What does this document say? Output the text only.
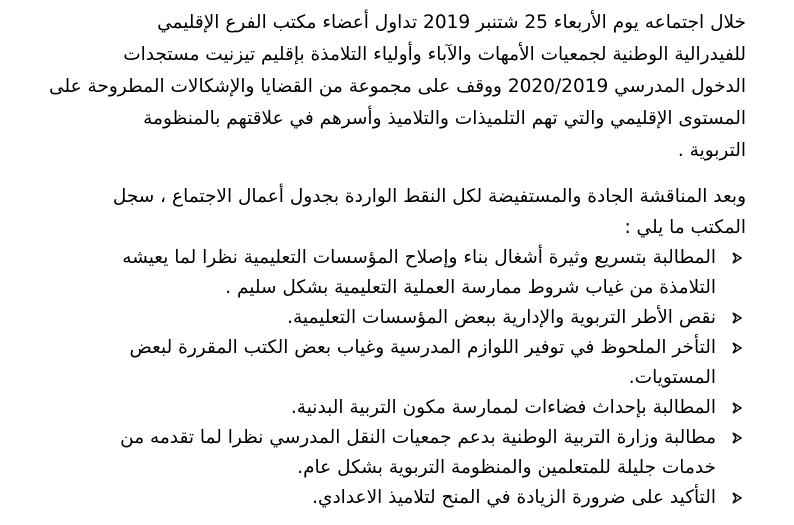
خلال اجتماعه يوم الأربعاء 25 شتنبر 2019 تداول أعضاء مكتب الفرع الإقليمي
للفيدرالية الوطنية لجمعيات الأمهات والآباء وأولياء التلامذة بإقليم تيزنيت مستجدات
الدخول المدرسي 2020/2019 ووقف على مجموعة من القضايا والإشكالات المطروحة على
المستوى الإقليمي والتي تهم التلميذات والتلاميذ وأسرهم في علاقتهم بالمنظومة
التربوية .
وبعد المناقشة الجادة والمستفيضة لكل النقط الواردة بجدول أعمال الاجتماع ، سجل
المكتب ما يلي :
المطالبة بتسريع وثيرة أشغال بناء وإصلاح المؤسسات التعليمية نظرا لما يعيشه
التلامذة من غياب شروط ممارسة العملية التعليمية بشكل سليم .
نقص الأطر التربوية والإدارية ببعض المؤسسات التعليمية.
التأخر الملحوظ في توفير اللوازم المدرسية وغياب بعض الكتب المقررة لبعض
المستويات.
المطالبة بإحداث فضاءات لممارسة مكون التربية البدنية.
مطالبة وزارة التربية الوطنية بدعم جمعيات النقل المدرسي نظرا لما تقدمه من
خدمات جليلة للمتعلمين والمنظومة التربوية بشكل عام.
التأكيد على ضرورة الزيادة في المنح لتلاميذ الاعدادي.
